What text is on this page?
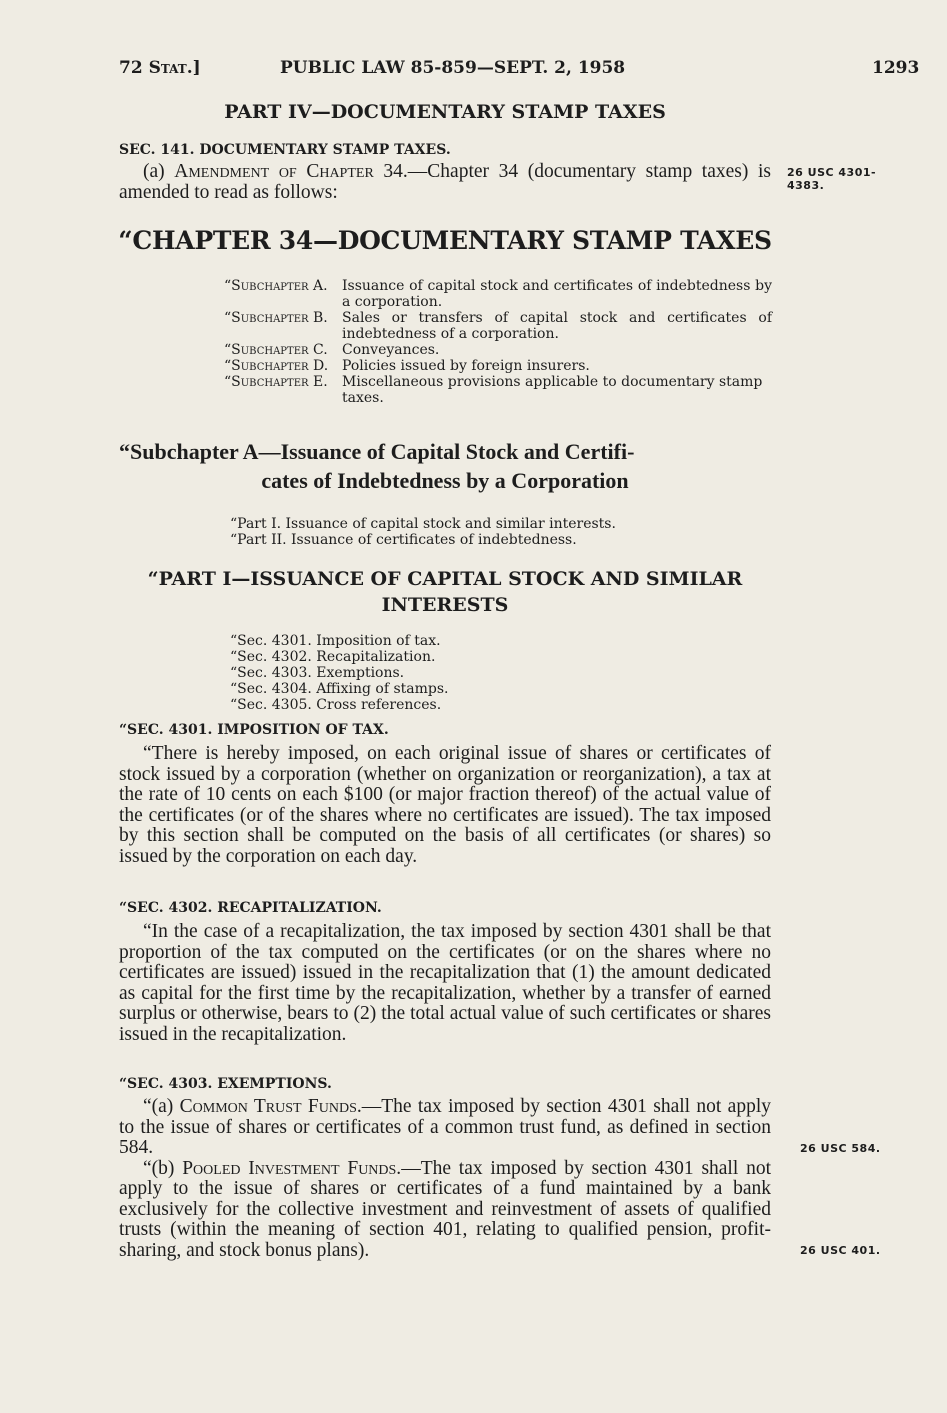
72 Stat.]	PUBLIC LAW 85-859—SEPT. 2, 1958	1293
PART IV—DOCUMENTARY STAMP TAXES
SEC. 141. DOCUMENTARY STAMP TAXES.

(a) Amendment of Chapter 34.—Chapter 34 (documentary stamp taxes) is amended to read as follows:

26 USC 4301-
4383.
“CHAPTER 34—DOCUMENTARY STAMP TAXES
“Subchapter A.	Issuance of capital stock and certificates of indebtedness by a corporation.
“Subchapter B.	Sales or transfers of capital stock and certificates of indebtedness of a corporation.
“Subchapter C.	Conveyances.
“Subchapter D. Policies issued by foreign insurers.
“Subchapter E.	Miscellaneous provisions applicable to documentary stamp taxes.
“Subchapter A—Issuance of Capital Stock and Certifi-
cates of Indebtedness by a Corporation
“Part I. Issuance of capital stock and similar interests.
“Part II. Issuance of certificates of indebtedness.
“PART I—ISSUANCE OF CAPITAL STOCK AND SIMILAR
INTERESTS
“Sec. 4301. Imposition of tax.
“Sec. 4302. Recapitalization.
“Sec. 4303. Exemptions.
“Sec. 4304. Affixing of stamps.
“Sec. 4305. Cross references.
“SEC. 4301. IMPOSITION OF TAX.

“There is hereby imposed, on each original issue of shares or certificates of stock issued by a corporation (whether on organization or reorganization), a tax at the rate of 10 cents on each $100 (or major fraction thereof) of the actual value of the certificates (or of the shares where no certificates are issued). The tax imposed by this section shall be computed on the basis of all certificates (or shares) so issued by the corporation on each day.

“SEC. 4302. RECAPITALIZATION.

“In the case of a recapitalization, the tax imposed by section 4301 shall be that proportion of the tax computed on the certificates (or on the shares where no certificates are issued) issued in the recapitalization that (1) the amount dedicated as capital for the first time by the recapitalization, whether by a transfer of earned surplus or otherwise, bears to (2) the total actual value of such certificates or shares issued in the recapitalization.

“SEC. 4303. EXEMPTIONS.

“(a) Common Trust Funds.—The tax imposed by section 4301 shall not apply to the issue of shares or certificates of a common trust fund, as defined in section 584.

“(b) Pooled Investment Funds.—The tax imposed by section 4301 shall not apply to the issue of shares or certificates of a fund maintained by a bank exclusively for the collective investment and reinvestment of assets of qualified trusts (within the meaning of section 401, relating to qualified pension, profit-sharing, and stock bonus plans).

26 USC 584.
26 USC 401.
